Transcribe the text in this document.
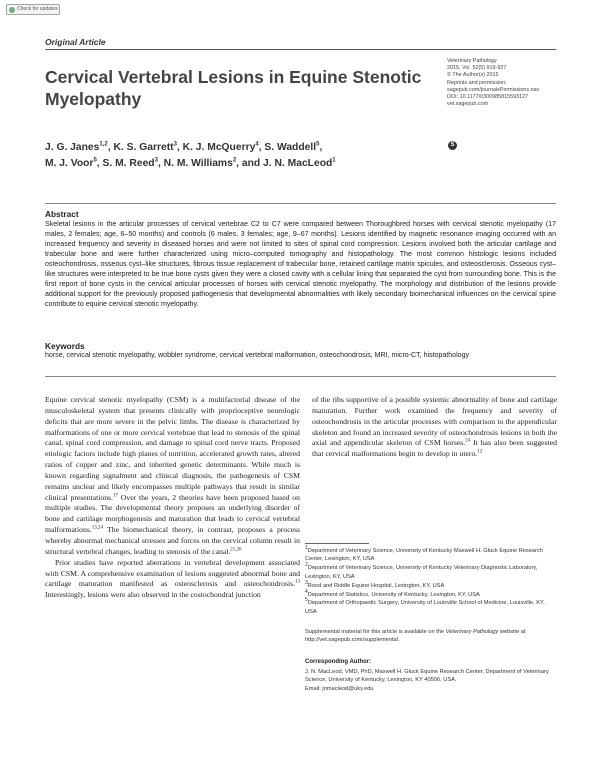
Check for updates
Original Article
Cervical Vertebral Lesions in Equine Stenotic Myelopathy
Veterinary Pathology
2015, Vol. 52(5) 919-927
© The Author(s) 2015
Reprints and permission:
sagepub.com/journalsPermissions.nav
DOI: 10.1177/0300985815593127
vet.sagepub.com
S
J. G. Janes$^{1,2}$, K. S. Garrett$^3$, K. J. McQuerry$^4$, S. Waddell$^5$,
M. J. Voor$^5$, S. M. Reed$^3$, N. M. Williams$^2$, and J. N. MacLeod$^1$
Abstract
Skeletal lesions in the articular processes of cervical vertebrae C2 to C7 were compared between Thoroughbred horses with cervical stenotic myelopathy (17 males, 2 females; age, 6–50 months) and controls (6 males, 3 females; age, 9–67 months). Lesions identified by magnetic resonance imaging occurred with an increased frequency and severity in diseased horses and were not limited to sites of spinal cord compression. Lesions involved both the articular cartilage and trabecular bone and were further characterized using micro–computed tomography and histopathology. The most common histologic lesions included osteochondrosis, osseous cyst–like structures, fibrous tissue replacement of trabecular bone, retained cartilage matrix spicules, and osteosclerosis. Osseous cyst–like structures were interpreted to be true bone cysts given they were a closed cavity with a cellular lining that separated the cyst from surrounding bone. This is the first report of bone cysts in the cervical articular processes of horses with cervical stenotic myelopathy. The morphology and distribution of the lesions provide additional support for the previously proposed pathogenesis that developmental abnormalities with likely secondary biomechanical influences on the cervical spine contribute to equine cervical stenotic myelopathy.
Keywords
horse, cervical stenotic myelopathy, wobbler syndrome, cervical vertebral malformation, osteochondrosis, MRI, micro-CT, histopathology

Equine cervical stenotic myelopathy (CSM) is a multifactorial disease of the musculoskeletal system that presents clinically with proprioceptive neurologic deficits that are more severe in the pelvic limbs. The disease is characterized by malformations of one or more cervical vertebrae that lead to stenosis of the spinal canal, spinal cord compression, and damage to spinal cord nerve tracts. Proposed etiologic factors include high planes of nutrition, accelerated growth rates, altered ratios of copper and zinc, and inherited genetic determinants. While much is known regarding signalment and clinical diagnosis, the pathogenesis of CSM remains unclear and likely encompasses multiple pathways that result in similar clinical presentations.$^{17}$ Over the years, 2 theories have been proposed based on multiple studies. The developmental theory proposes an underlying disorder of bone and cartilage morphogenesis and maturation that leads to cervical vertebral malformations.$^{13,24}$ The biomechanical theory, in contrast, proposes a process whereby abnormal mechanical stresses and forces on the cervical column result in structural vertebral changes, leading to stenosis of the canal.$^{21,26}$

Prior studies have reported aberrations in vertebral development associated with CSM. A comprehensive examination of lesions suggested abnormal bone and cartilage maturation manifested as osteosclerosis and osteochondrosis.$^{13}$ Interestingly, lesions were also observed in the costochondral junction

of the ribs supportive of a possible systemic abnormality of bone and cartilage maturation. Further work examined the frequency and severity of osteochondrosis in the articular processes with comparison to the appendicular skeleton and found an increased severity of osteochondrosis lesions in both the axial and appendicular skeleton of CSM horses.$^{24}$ It has also been suggested that cervical malformations begin to develop in utero.$^{12}$

$^1$Department of Veterinary Science, University of Kentucky Maxwell H. Gluck Equine Research Center, Lexington, KY, USA

$^2$Department of Veterinary Science, University of Kentucky Veterinary Diagnostic Laboratory, Lexington, KY, USA

$^3$Rood and Riddle Equine Hospital, Lexington, KY, USA

$^4$Department of Statistics, University of Kentucky, Lexington, KY, USA

$^5$Department of Orthopaedic Surgery, University of Louisville School of Medicine, Louisville, KY, USA

Supplemental material for this article is available on the Veterinary Pathology website at http://vet.sagepub.com/supplemental.
Corresponding Author:
J. N. MacLeod, VMD, PhD, Maxwell H. Gluck Equine Research Center, Department of Veterinary Science, University of Kentucky, Lexington, KY 40506, USA.
Email: jnmacleod@uky.edu
